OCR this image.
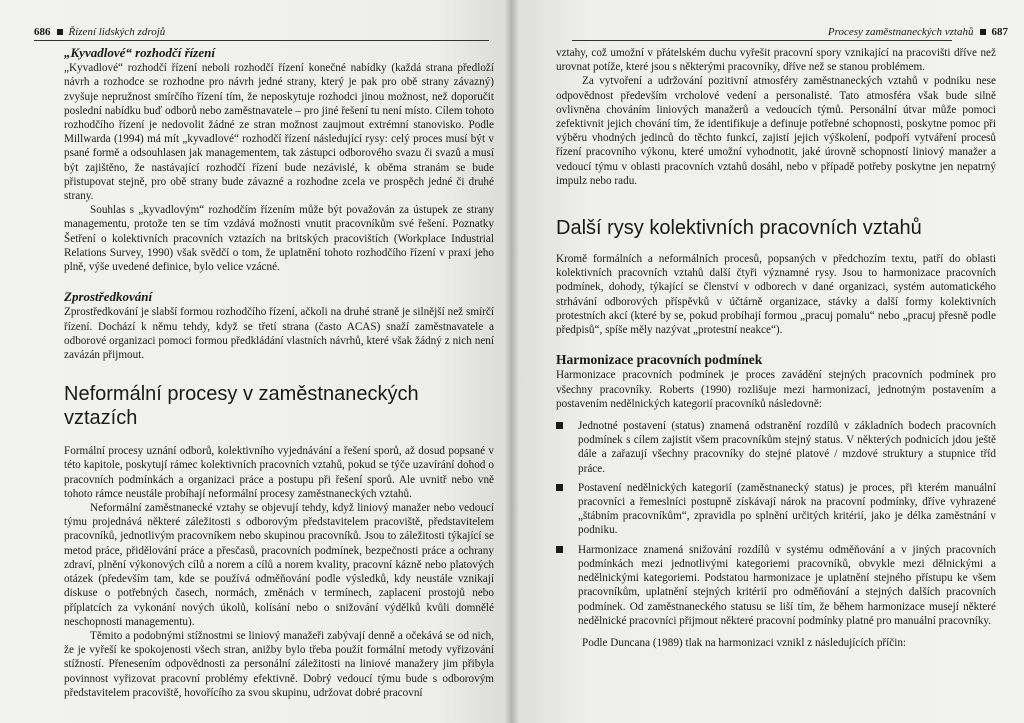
686 Řízení lidských zdrojů
„Kyvadlové“ rozhodčí řízení

„Kyvadlové“ rozhodčí řízení neboli rozhodčí řízení konečné nabídky (každá strana předloží návrh a rozhodce se rozhodne pro návrh jedné strany, který je pak pro obě strany závazný) zvyšuje nepružnost smírčího řízení tím, že neposkytuje rozhodci jinou možnost, než doporučit poslední nabídku buď odborů nebo zaměstnavatele – pro jiné řešení tu není místo. Cílem tohoto rozhodčího řízení je nedovolit žádné ze stran možnost zaujmout extrémní stanovisko. Podle Millwarda (1994) má mít „kyvadlové“ rozhodčí řízení následující rysy: celý proces musí být v psané formě a odsouhlasen jak managementem, tak zástupci odborového svazu či svazů a musí být zajištěno, že nastávající rozhodčí řízení bude nezávislé, k oběma stranám se bude přistupovat stejně, pro obě strany bude závazné a rozhodne zcela ve prospěch jedné či druhé strany.

Souhlas s „kyvadlovým“ rozhodčím řízením může být považován za ústupek ze strany managementu, protože ten se tím vzdává možnosti vnutit pracovníkům své řešení. Poznatky Šetření o kolektivních pracovních vztazích na britských pracovištích (Workplace Industrial Relations Survey, 1990) však svědčí o tom, že uplatnění tohoto rozhodčího řízení v praxi jeho plně, výše uvedené definice, bylo velice vzácné.

Zprostředkování

Zprostředkování je slabší formou rozhodčího řízení, ačkoli na druhé straně je silnější než smírčí řízení. Dochází k němu tehdy, když se třetí strana (často ACAS) snaží zaměstnavatele a odborové organizaci pomoci formou předkládání vlastních návrhů, které však žádný z nich není zavázán přijmout.

Neformální procesy v zaměstnaneckých vztazích

Formální procesy uznání odborů, kolektivního vyjednávání a řešení sporů, až dosud popsané v této kapitole, poskytují rámec kolektivních pracovních vztahů, pokud se týče uzavírání dohod o pracovních podmínkách a organizaci práce a postupu při řešení sporů. Ale uvnitř nebo vně tohoto rámce neustále probíhají neformální procesy zaměstnaneckých vztahů.

Neformální zaměstnanecké vztahy se objevují tehdy, když liniový manažer nebo vedoucí týmu projednává některé záležitosti s odborovým představitelem pracoviště, představitelem pracovníků, jednotlivým pracovníkem nebo skupinou pracovníků. Jsou to záležitosti týkající se metod práce, přidělování práce a přesčasů, pracovních podmínek, bezpečnosti práce a ochrany zdraví, plnění výkonových cílů a norem a cílů a norem kvality, pracovní kázně nebo platových otázek (především tam, kde se používá odměňování podle výsledků, kdy neustále vznikají diskuse o potřebných časech, normách, změnách v termínech, zaplacení prostojů nebo příplatcích za vykonání nových úkolů, kolísání nebo o snižování výdělků kvůli domnělé neschopnosti managementu).

Těmito a podobnými stížnostmi se liniový manažeři zabývají denně a očekává se od nich, že je vyřeší ke spokojenosti všech stran, anižby bylo třeba použít formální metody vyřizování stížností. Přenesením odpovědnosti za personální záležitosti na liniové manažery jim přibyla povinnost vyřizovat pracovní problémy efektivně. Dobrý vedoucí týmu bude s odborovým představitelem pracoviště, hovořícího za svou skupinu, udržovat dobré pracovní

Procesy zaměstnaneckých vztahů 687

vztahy, což umožní v přátelském duchu vyřešit pracovní spory vznikající na pracovišti dříve než urovnat potíže, které jsou s některými pracovníky, dříve než se stanou problémem.

Za vytvoření a udržování pozitivní atmosféry zaměstnaneckých vztahů v podniku nese odpovědnost především vrcholové vedení a personalisté. Tato atmosféra však bude silně ovlivněna chováním liniových manažerů a vedoucích týmů. Personální útvar může pomoci zefektivnit jejich chování tím, že identifikuje a definuje potřebné schopnosti, poskytne pomoc při výběru vhodných jedinců do těchto funkcí, zajistí jejich výškolení, podpoří vytváření procesů řízení pracovního výkonu, které umožní vyhodnotit, jaké úrovně schopností liniový manažer a vedoucí týmu v oblasti pracovních vztahů dosáhl, nebo v případě potřeby poskytne jen nepatrný impulz nebo radu.

Další rysy kolektivních pracovních vztahů

Kromě formálních a neformálních procesů, popsaných v předchozím textu, patří do oblasti kolektivních pracovních vztahů další čtyři významné rysy. Jsou to harmonizace pracovních podmínek, dohody, týkající se členství v odborech v dané organizaci, systém automatického strhávání odborových příspěvků v účtárně organizace, stávky a další formy kolektivních protestních akcí (které by se, pokud probíhají formou „pracuj pomalu“ nebo „pracuj přesně podle předpisů“, spíše měly nazývat „protestní neakce“).

Harmonizace pracovních podmínek

Harmonizace pracovních podmínek je proces zavádění stejných pracovních podmínek pro všechny pracovníky. Roberts (1990) rozlišuje mezi harmonizací, jednotným postavením a postavením nedělnických kategorií pracovníků následovně:

Jednotné postavení (status) znamená odstranění rozdílů v základních bodech pracovních podmínek s cílem zajistit všem pracovníkům stejný status. V některých podnicích jdou ještě dále a zařazují všechny pracovníky do stejné platové / mzdové struktury a stupnice tříd práce.
Postavení nedělnických kategorií (zaměstnanecký status) je proces, při kterém manuální pracovníci a řemeslníci postupně získávají nárok na pracovní podmínky, dříve vyhrazené „štábním pracovníkům“, zpravidla po splnění určitých kritérií, jako je délka zaměstnání v podniku.
Harmonizace znamená snižování rozdílů v systému odměňování a v jiných pracovních podmínkách mezi jednotlivými kategoriemi pracovníků, obvykle mezi dělnickými a nedělnickými kategoriemi. Podstatou harmonizace je uplatnění stejného přístupu ke všem pracovníkům, uplatnění stejných kritérií pro odměňování a stejných dalších pracovních podmínek. Od zaměstnaneckého statusu se liší tím, že během harmonizace musejí některé nedělnické pracovníci přijmout některé pracovní podmínky platné pro manuální pracovníky.

Podle Duncana (1989) tlak na harmonizaci vznikl z následujících příčin:
